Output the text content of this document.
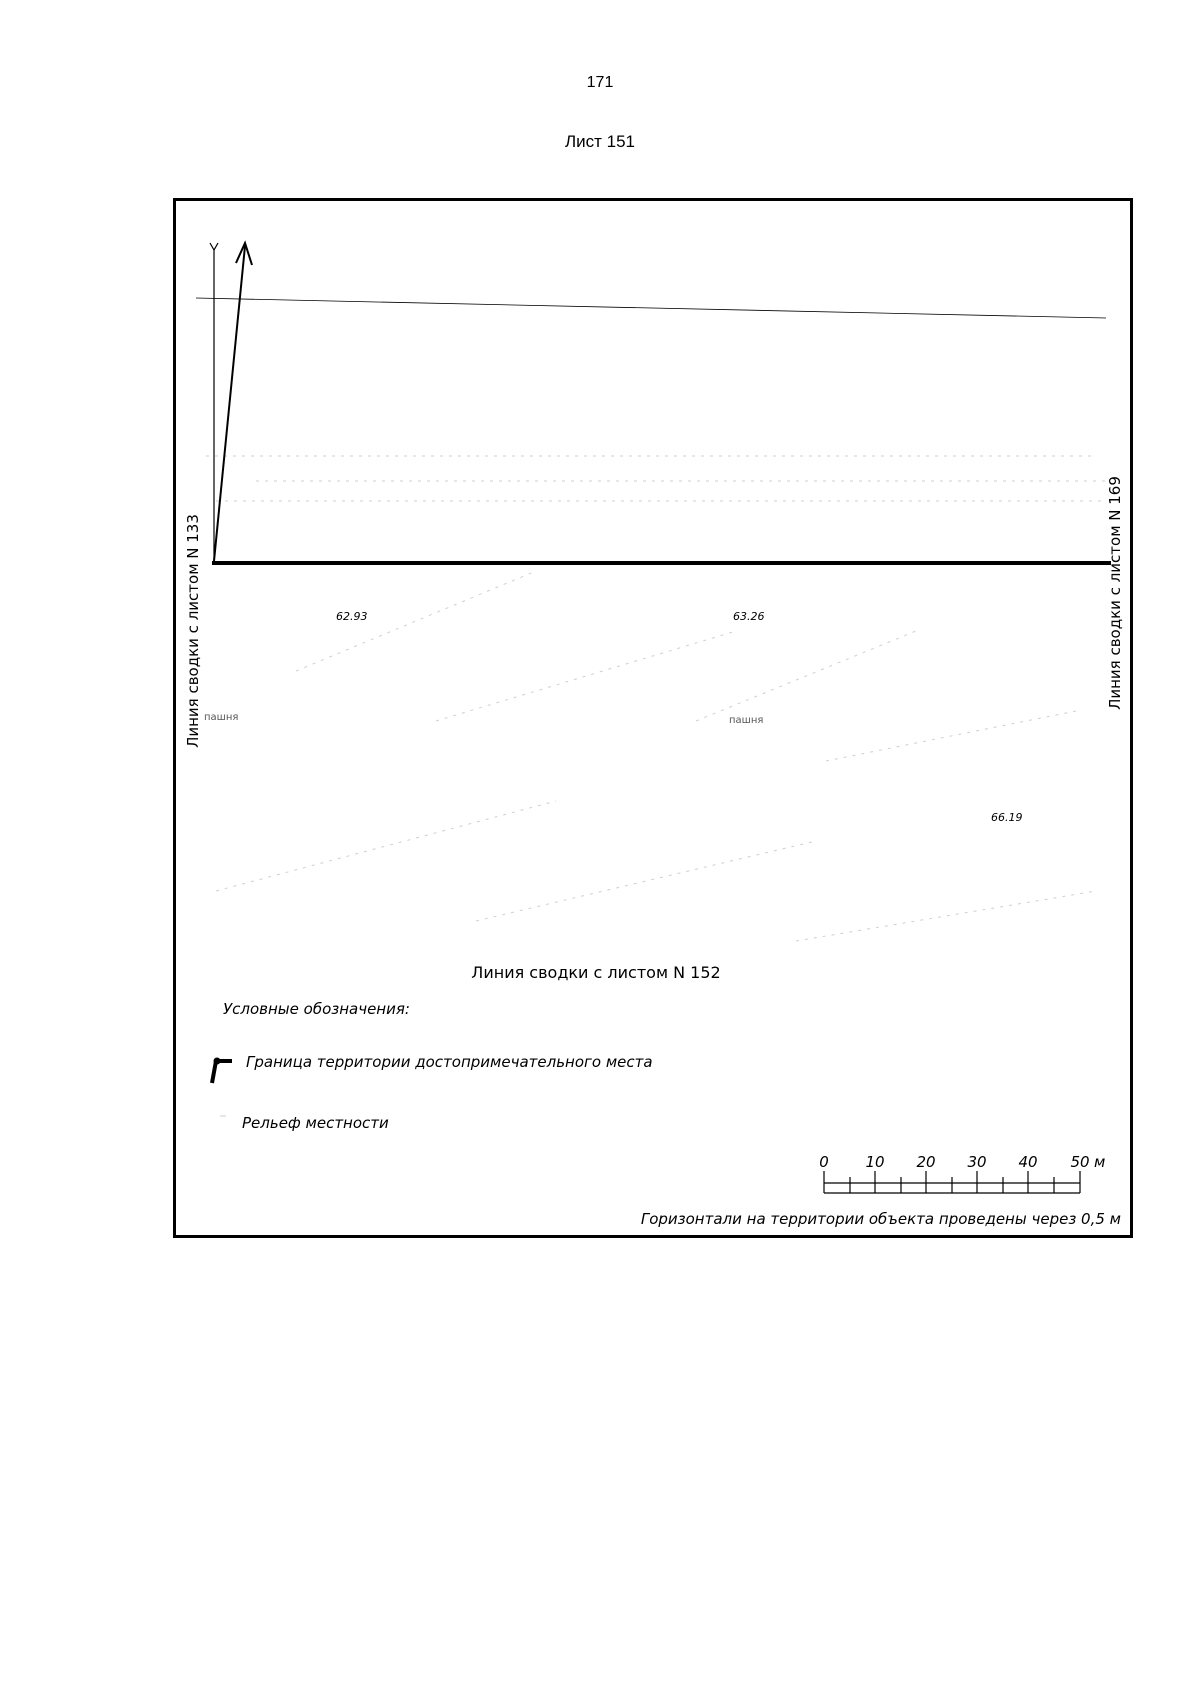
171
Лист 151
Линия сводки с листом N 133	Линия сводки с листом N 169
62.93	63.26
66.19
пашня	пашня
Линия сводки с листом N 152
Условные обозначения:
Граница территории достопримечательного места
Рельеф местности
0 10 20 30 40 50 м
Горизонтали на территории объекта проведены через 0,5 м
